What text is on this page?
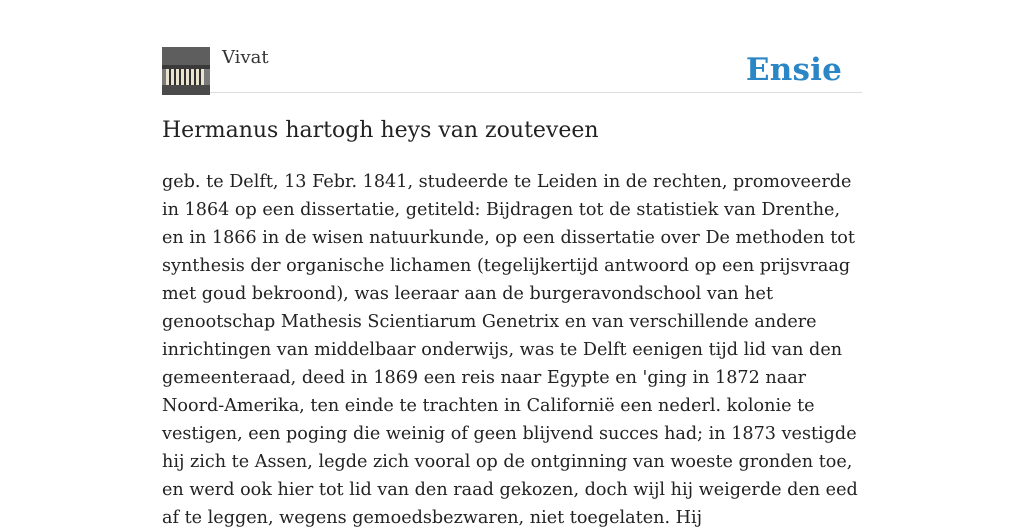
Vivat	Ensie
Hermanus hartogh heys van zouteveen

geb. te Delft, 13 Febr. 1841, studeerde te Leiden in de rechten, promoveerde in 1864 op een dissertatie, getiteld: Bijdragen tot de statistiek van Drenthe, en in 1866 in de wisen natuurkunde, op een dissertatie over De methoden tot synthesis der organische lichamen (tegelijkertijd antwoord op een prijsvraag met goud bekroond), was leeraar aan de burgeravondschool van het genootschap Mathesis Scientiarum Genetrix en van verschillende andere inrichtingen van middelbaar onderwijs, was te Delft eenigen tijd lid van den gemeenteraad, deed in 1869 een reis naar Egypte en 'ging in 1872 naar Noord-Amerika, ten einde te trachten in Californië een nederl. kolonie te vestigen, een poging die weinig of geen blijvend succes had; in 1873 vestigde hij zich te Assen, legde zich vooral op de ontginning van woeste gronden toe, en werd ook hier tot lid van den raad gekozen, doch wijl hij weigerde den eed af te leggen, wegens gemoedsbezwaren, niet toegelaten. Hij
